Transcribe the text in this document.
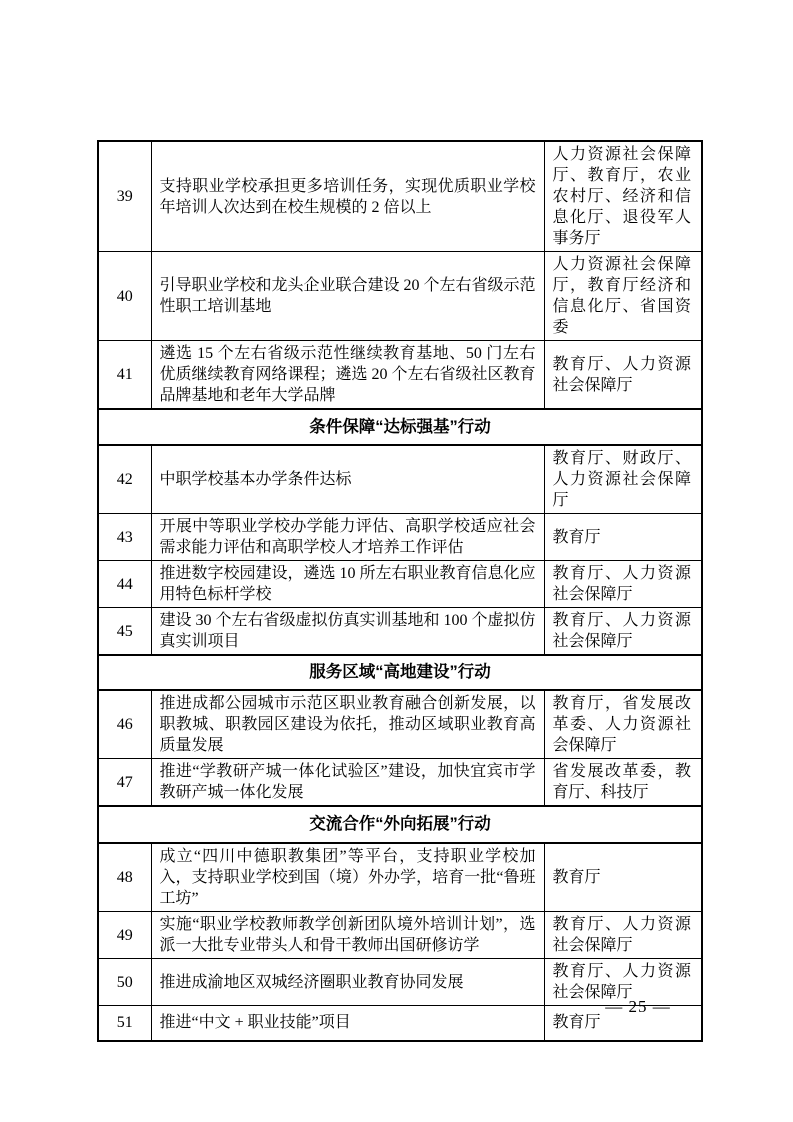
39	支持职业学校承担更多培训任务，实现优质职业学校年培训人次达到在校生规模的 2 倍以上	人力资源社会保障厅、教育厅，农业农村厅、经济和信息化厅、退役军人事务厅
40	引导职业学校和龙头企业联合建设 20 个左右省级示范性职工培训基地	人力资源社会保障厅，教育厅经济和信息化厅、省国资委
41	遴选 15 个左右省级示范性继续教育基地、50 门左右优质继续教育网络课程；遴选 20 个左右省级社区教育品牌基地和老年大学品牌	教育厅、人力资源社会保障厅
条件保障“达标强基”行动		
42	中职学校基本办学条件达标	教育厅、财政厅、人力资源社会保障厅
43	开展中等职业学校办学能力评估、高职学校适应社会需求能力评估和高职学校人才培养工作评估	教育厅
44	推进数字校园建设，遴选 10 所左右职业教育信息化应用特色标杆学校	教育厅、人力资源社会保障厅
45	建设 30 个左右省级虚拟仿真实训基地和 100 个虚拟仿真实训项目	教育厅、人力资源社会保障厅
服务区域“高地建设”行动		
46	推进成都公园城市示范区职业教育融合创新发展，以职教城、职教园区建设为依托，推动区域职业教育高质量发展	教育厅，省发展改革委、人力资源社会保障厅
47	推进“学教研产城一体化试验区”建设，加快宜宾市学教研产城一体化发展	省发展改革委，教育厅、科技厅
交流合作“外向拓展”行动		
48	成立“四川中德职教集团”等平台，支持职业学校加入，支持职业学校到国（境）外办学，培育一批“鲁班工坊”	教育厅
49	实施“职业学校教师教学创新团队境外培训计划”，选派一大批专业带头人和骨干教师出国研修访学	教育厅、人力资源社会保障厅
50	推进成渝地区双城经济圈职业教育协同发展	教育厅、人力资源社会保障厅
51	推进“中文 + 职业技能”项目	教育厅
— 25 —
